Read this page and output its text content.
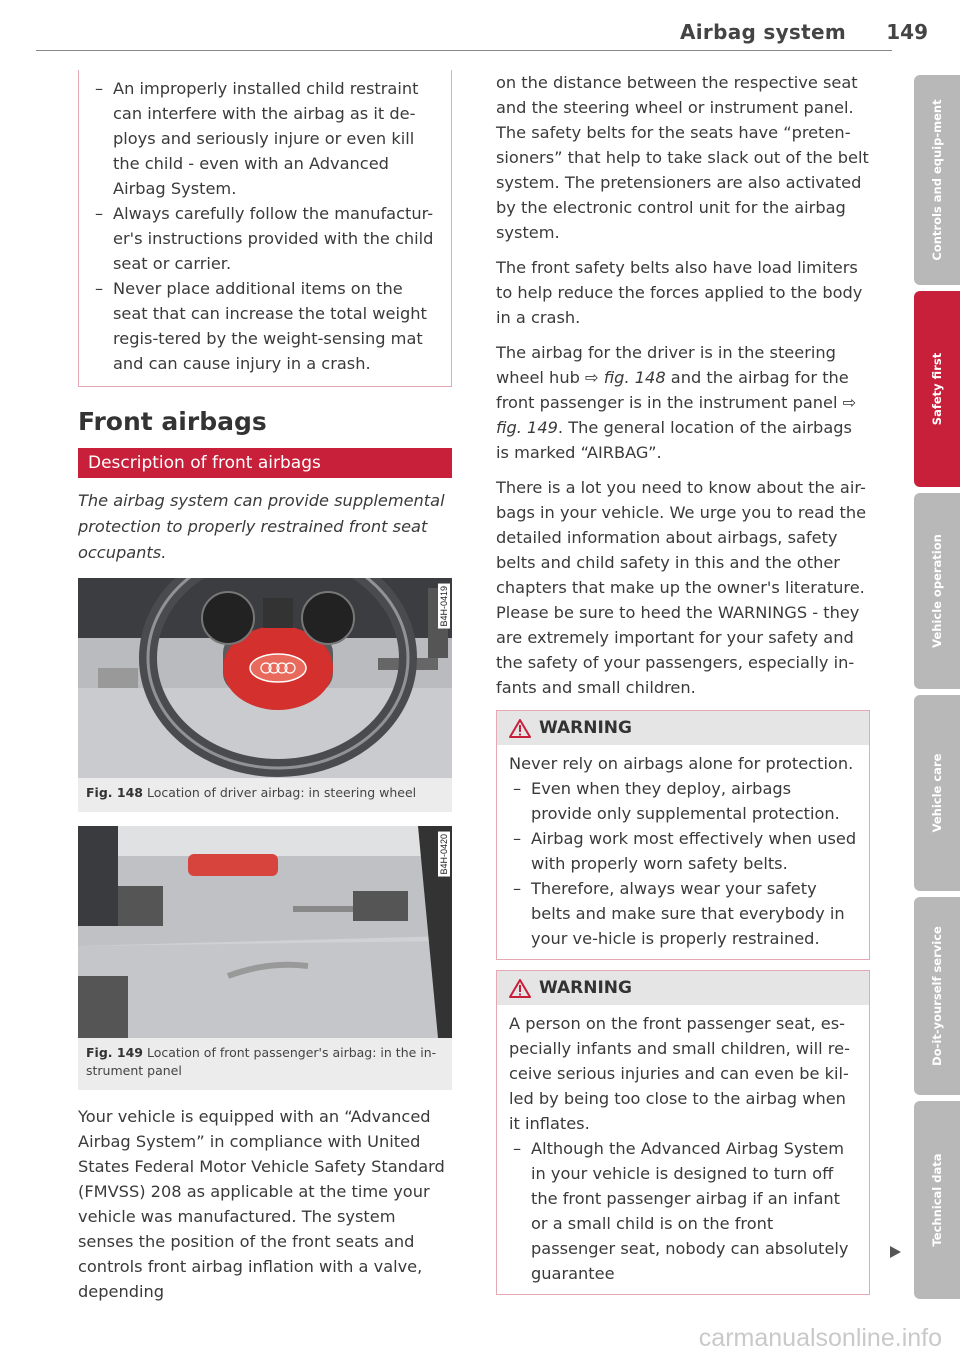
Airbag system 149
– An improperly installed child restraint can interfere with the airbag as it de-ploys and seriously injure or even kill the child - even with an Advanced Airbag System.
– Always carefully follow the manufactur-er's instructions provided with the child seat or carrier.
– Never place additional items on the seat that can increase the total weight regis-tered by the weight-sensing mat and can cause injury in a crash.
Front airbags
Description of front airbags

The airbag system can provide supplemental protection to properly restrained front seat occupants.

B4H-0419
Fig. 148 Location of driver airbag: in steering wheel
B4H-0420
Fig. 149 Location of front passenger's airbag: in the in-strument panel

Your vehicle is equipped with an “Advanced Airbag System” in compliance with United States Federal Motor Vehicle Safety Standard (FMVSS) 208 as applicable at the time your vehicle was manufactured. The system senses the position of the front seats and controls front airbag inflation with a valve, depending

on the distance between the respective seat and the steering wheel or instrument panel. The safety belts for the seats have “preten-sioners” that help to take slack out of the belt system. The pretensioners are also activated by the electronic control unit for the airbag system.

The front safety belts also have load limiters to help reduce the forces applied to the body in a crash.

The airbag for the driver is in the steering wheel hub ⇨ fig. 148 and the airbag for the front passenger is in the instrument panel ⇨ fig. 149. The general location of the airbags is marked “AIRBAG”.

There is a lot you need to know about the air-bags in your vehicle. We urge you to read the detailed information about airbags, safety belts and child safety in this and the other chapters that make up the owner's literature. Please be sure to heed the WARNINGS - they are extremely important for your safety and the safety of your passengers, especially in-fants and small children.

WARNING

Never rely on airbags alone for protection.

– Even when they deploy, airbags provide only supplemental protection.
– Airbag work most effectively when used with properly worn safety belts.
– Therefore, always wear your safety belts and make sure that everybody in your ve-hicle is properly restrained.
WARNING

A person on the front passenger seat, es-pecially infants and small children, will re-ceive serious injuries and can even be kil-led by being too close to the airbag when it inflates.

– Although the Advanced Airbag System in your vehicle is designed to turn off the front passenger airbag if an infant or a small child is on the front passenger seat, nobody can absolutely guarantee
Controls and equip-ment
Safety first
Vehicle operation
Vehicle care
Do-it-yourself service
Technical data
carmanualsonline.info
